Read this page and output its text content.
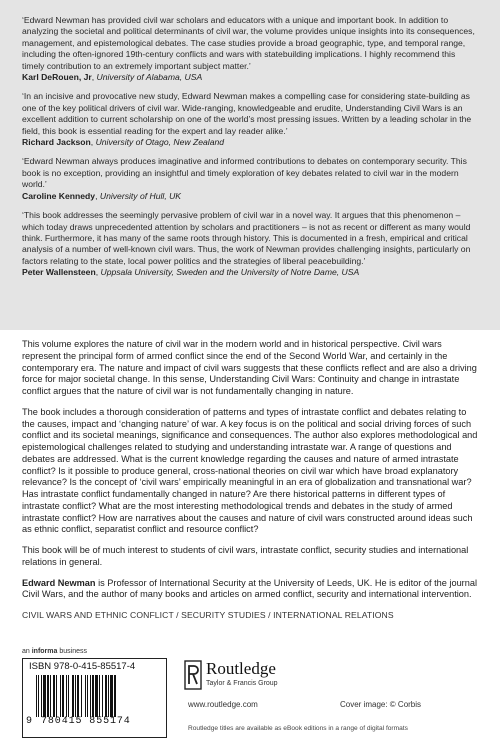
‘Edward Newman has provided civil war scholars and educators with a unique and important book. In addition to analyzing the societal and political determinants of civil war, the volume provides unique insights into its consequences, management, and epistemological debates. The case studies provide a broad geographic, type, and temporal range, including the often-ignored 19th-century conflicts and wars with statebuilding implications. I highly recommend this timely contribution to an extremely important subject matter.’

Karl DeRouen, Jr, University of Alabama, USA

‘In an incisive and provocative new study, Edward Newman makes a compelling case for considering state-building as one of the key political drivers of civil war. Wide-ranging, knowledgeable and erudite, Understanding Civil Wars is an excellent addition to current scholarship on one of the world’s most pressing issues. Written by a leading scholar in the field, this book is essential reading for the expert and lay reader alike.’

Richard Jackson, University of Otago, New Zealand

‘Edward Newman always produces imaginative and informed contributions to debates on contemporary security. This book is no exception, providing an insightful and timely exploration of key debates related to civil war in the modern world.’

Caroline Kennedy, University of Hull, UK

‘This book addresses the seemingly pervasive problem of civil war in a novel way. It argues that this phenomenon – which today draws unprecedented attention by scholars and practitioners – is not as recent or different as many would think. Furthermore, it has many of the same roots through history. This is documented in a fresh, empirical and critical analysis of a number of well-known civil wars. Thus, the work of Newman provides challenging insights, particularly on factors relating to the state, local power politics and the strategies of liberal peacebuilding.’

Peter Wallensteen, Uppsala University, Sweden and the University of Notre Dame, USA

This volume explores the nature of civil war in the modern world and in historical perspective. Civil wars represent the principal form of armed conflict since the end of the Second World War, and certainly in the contemporary era. The nature and impact of civil wars suggests that these conflicts reflect and are also a driving force for major societal change. In this sense, Understanding Civil Wars: Continuity and change in intrastate conflict argues that the nature of civil war is not fundamentally changing in nature.

The book includes a thorough consideration of patterns and types of intrastate conflict and debates relating to the causes, impact and ‘changing nature’ of war. A key focus is on the political and social driving forces of such conflict and its societal meanings, significance and consequences. The author also explores methodological and epistemological challenges related to studying and understanding intrastate war. A range of questions and debates are addressed. What is the current knowledge regarding the causes and nature of armed intrastate conflict? Is it possible to produce general, cross-national theories on civil war which have broad explanatory relevance? Is the concept of ‘civil wars’ empirically meaningful in an era of globalization and transnational war? Has intrastate conflict fundamentally changed in nature? Are there historical patterns in different types of intrastate conflict? What are the most interesting methodological trends and debates in the study of armed intrastate conflict? How are narratives about the causes and nature of civil wars constructed around ideas such as ethnic conflict, separatist conflict and resource conflict?

This book will be of much interest to students of civil wars, intrastate conflict, security studies and international relations in general.

Edward Newman is Professor of International Security at the University of Leeds, UK. He is editor of the journal Civil Wars, and the author of many books and articles on armed conflict, security and international intervention.

CIVIL WARS AND ETHNIC CONFLICT / SECURITY STUDIES / INTERNATIONAL RELATIONS
an informa business
ISBN 978-0-415-85517-4
9 780415 855174
Routledge
Taylor & Francis Group
www.routledge.com	Cover image: © Corbis
Routledge titles are available as eBook editions in a range of digital formats
